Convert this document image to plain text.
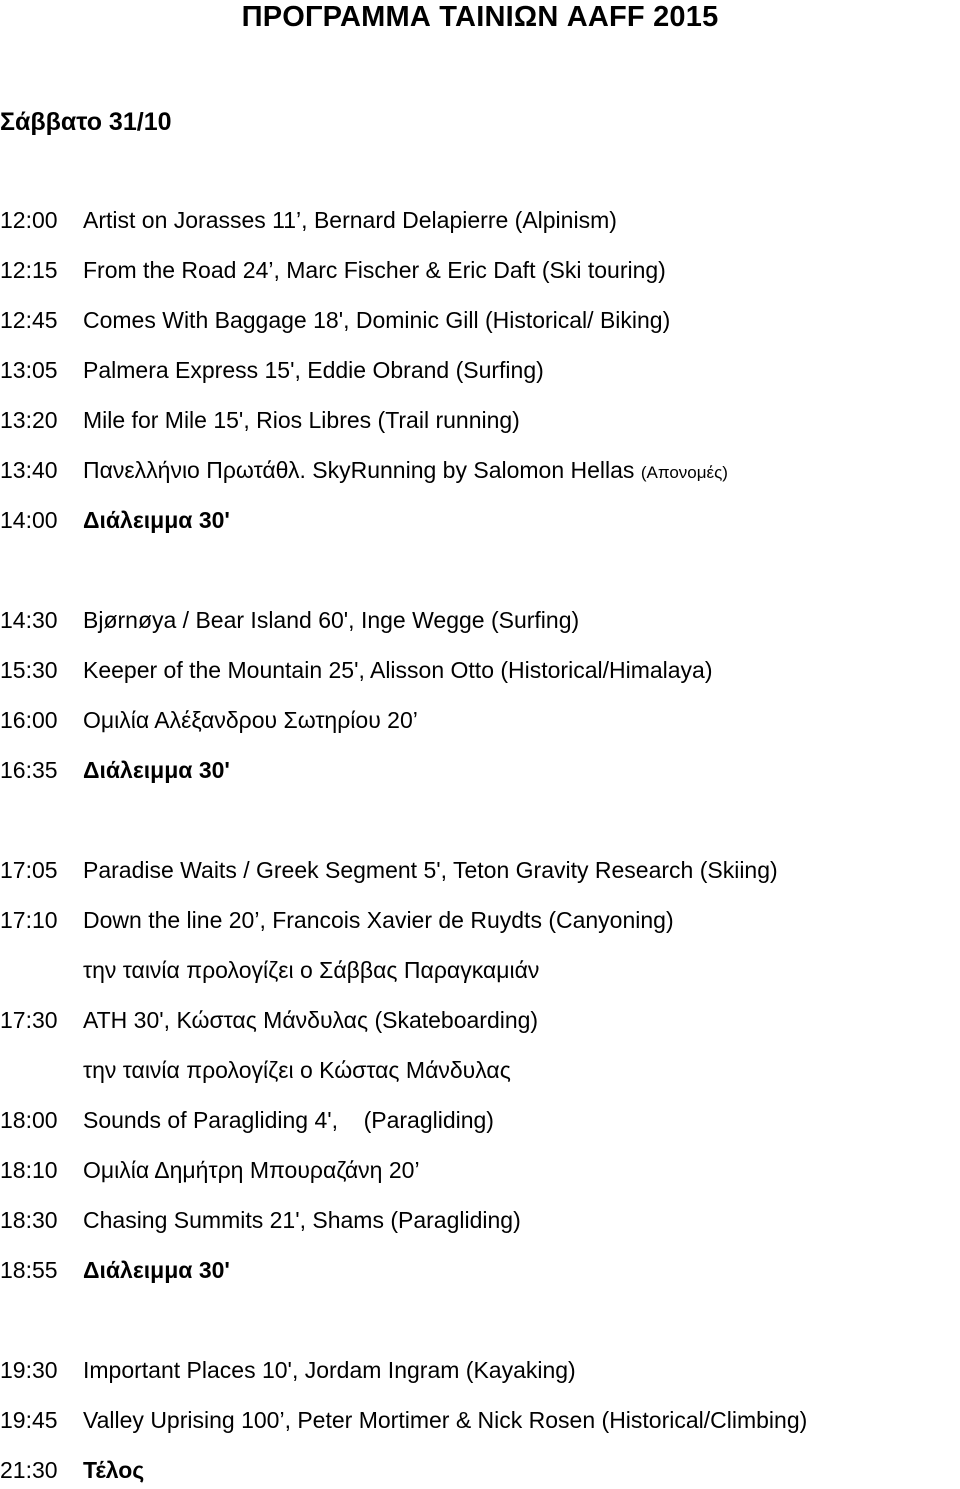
ΠΡΟΓΡΑΜΜΑ ΤΑΙΝΙΩΝ AAFF 2015
Σάββατο 31/10
12:00	Artist on Jorasses 11’, Bernard Delapierre (Alpinism)
12:15	From the Road 24’, Marc Fischer & Eric Daft (Ski touring)
12:45	Comes With Baggage 18', Dominic Gill (Historical/ Biking)
13:05	Palmera Express 15', Eddie Obrand (Surfing)
13:20	Mile for Mile 15', Rios Libres (Trail running)
13:40	Πανελλήνιο Πρωτάθλ. SkyRunning by Salomon Hellas (Απονομές)
14:00	Διάλειμμα 30'
14:30	Bjørnøya / Bear Island 60', Inge Wegge (Surfing)
15:30	Keeper of the Mountain 25', Alisson Otto (Historical/Himalaya)
16:00	Ομιλία Αλέξανδρου Σωτηρίου 20’
16:35	Διάλειμμα 30'
17:05	Paradise Waits / Greek Segment 5', Teton Gravity Research (Skiing)
17:10	Down the line 20’, Francois Xavier de Ruydts (Canyoning)
την ταινία προλογίζει ο Σάββας Παραγκαμιάν
17:30	ATH 30', Κώστας Μάνδυλας (Skateboarding)
την ταινία προλογίζει ο Κώστας Μάνδυλας
18:00	Sounds of Paragliding 4',    (Paragliding)
18:10	Ομιλία Δημήτρη Μπουραζάνη 20’
18:30	Chasing Summits 21', Shams (Paragliding)
18:55	Διάλειμμα 30'
19:30	Important Places 10', Jordam Ingram (Kayaking)
19:45	Valley Uprising 100’, Peter Mortimer & Nick Rosen (Historical/Climbing)
21:30	Τέλος
